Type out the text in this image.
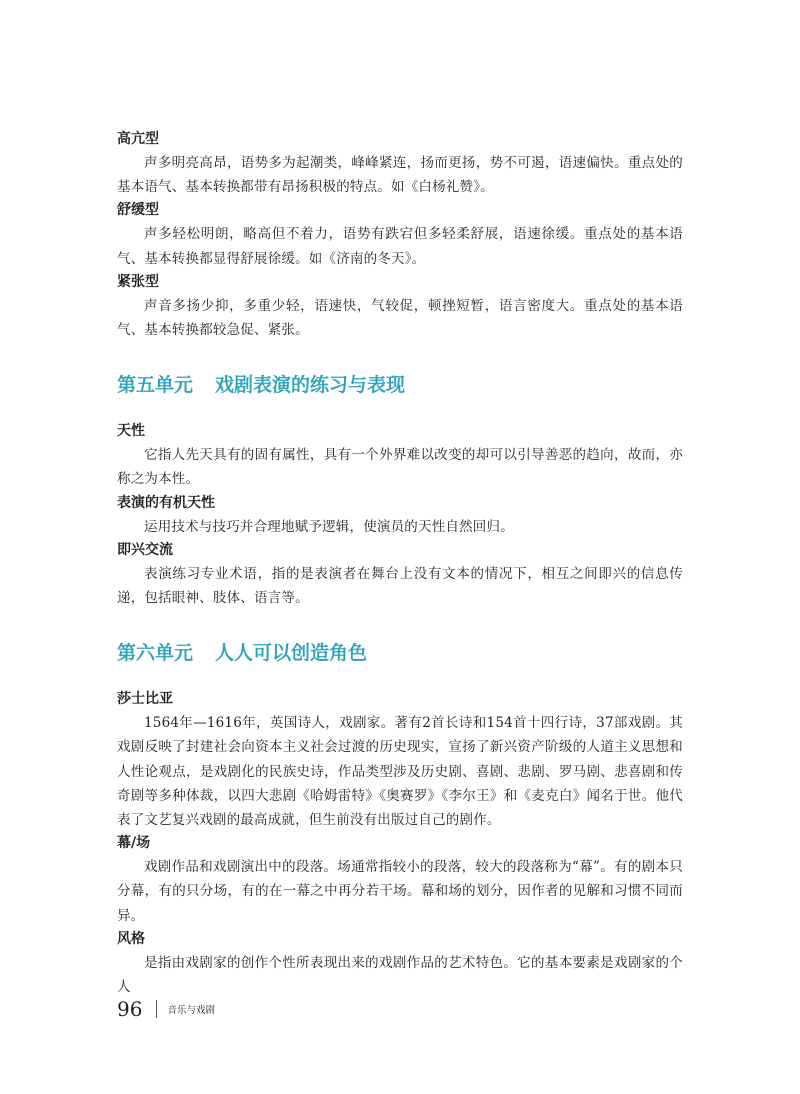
高亢型

声多明亮高昂，语势多为起潮类，峰峰紧连，扬而更扬，势不可遏，语速偏快。重点处的基本语气、基本转换都带有昂扬积极的特点。如《白杨礼赞》。

舒缓型

声多轻松明朗，略高但不着力，语势有跌宕但多轻柔舒展，语速徐缓。重点处的基本语气、基本转换都显得舒展徐缓。如《济南的冬天》。

紧张型

声音多扬少抑，多重少轻，语速快，气较促，顿挫短暂，语言密度大。重点处的基本语气、基本转换都较急促、紧张。

第五单元 戏剧表演的练习与表现

天性

它指人先天具有的固有属性，具有一个外界难以改变的却可以引导善恶的趋向，故而，亦称之为本性。

表演的有机天性

运用技术与技巧并合理地赋予逻辑，使演员的天性自然回归。

即兴交流

表演练习专业术语，指的是表演者在舞台上没有文本的情况下，相互之间即兴的信息传递，包括眼神、肢体、语言等。

第六单元 人人可以创造角色

莎士比亚

1564年—1616年，英国诗人，戏剧家。著有2首长诗和154首十四行诗，37部戏剧。其戏剧反映了封建社会向资本主义社会过渡的历史现实，宣扬了新兴资产阶级的人道主义思想和人性论观点，是戏剧化的民族史诗，作品类型涉及历史剧、喜剧、悲剧、罗马剧、悲喜剧和传奇剧等多种体裁，以四大悲剧《哈姆雷特》《奥赛罗》《李尔王》和《麦克白》闻名于世。他代表了文艺复兴戏剧的最高成就，但生前没有出版过自己的剧作。

幕/场

戏剧作品和戏剧演出中的段落。场通常指较小的段落，较大的段落称为“幕”。有的剧本只分幕，有的只分场，有的在一幕之中再分若干场。幕和场的划分，因作者的见解和习惯不同而异。

风格

是指由戏剧家的创作个性所表现出来的戏剧作品的艺术特色。它的基本要素是戏剧家的个人

96	音乐与戏剧
